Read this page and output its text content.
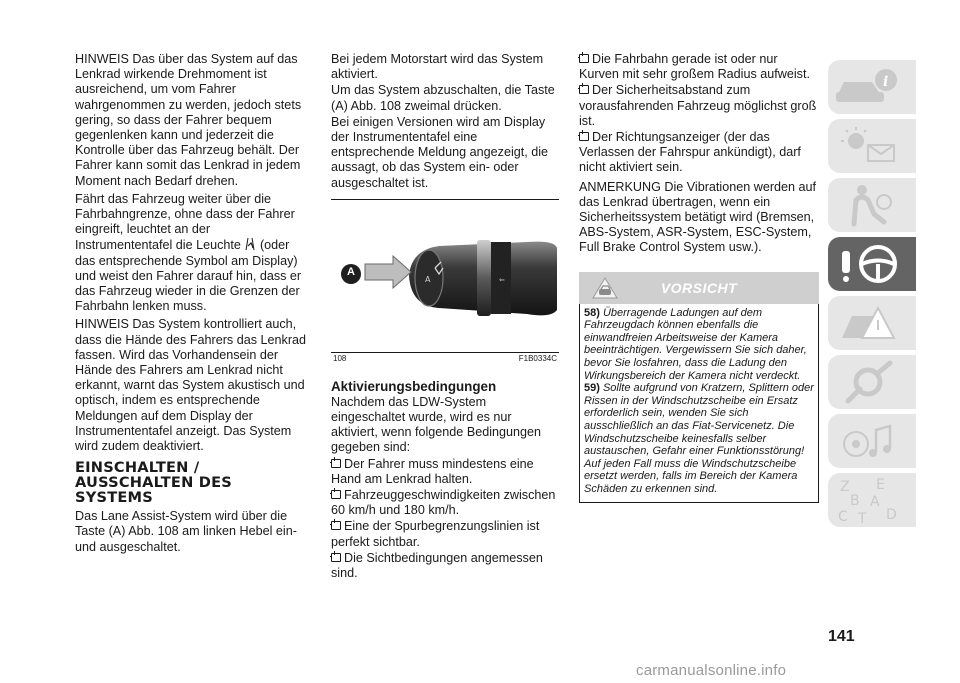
HINWEIS Das über das System auf das Lenkrad wirkende Drehmoment ist ausreichend, um vom Fahrer wahrgenommen zu werden, jedoch stets gering, so dass der Fahrer bequem gegenlenken kann und jederzeit die Kontrolle über das Fahrzeug behält. Der Fahrer kann somit das Lenkrad in jedem Moment nach Bedarf drehen.

Fährt das Fahrzeug weiter über die Fahrbahngrenze, ohne dass der Fahrer eingreift, leuchtet an der Instrumententafel die Leuchte (oder das entsprechende Symbol am Display) und weist den Fahrer darauf hin, dass er das Fahrzeug wieder in die Grenzen der Fahrbahn lenken muss.

HINWEIS Das System kontrolliert auch, dass die Hände des Fahrers das Lenkrad fassen. Wird das Vorhandensein der Hände des Fahrers am Lenkrad nicht erkannt, warnt das System akustisch und optisch, indem es entsprechende Meldungen auf dem Display der Instrumententafel anzeigt. Das System wird zudem deaktiviert.

EINSCHALTEN / AUSSCHALTEN DES SYSTEMS

Das Lane Assist-System wird über die Taste (A) Abb. 108 am linken Hebel ein- und ausgeschaltet.

Bei jedem Motorstart wird das System aktiviert.

Um das System abzuschalten, die Taste (A) Abb. 108 zweimal drücken.

Bei einigen Versionen wird am Display der Instrumententafel eine entsprechende Meldung angezeigt, die aussagt, ob das System ein- oder ausgeschaltet ist.

A	⇐
A
108	F1B0334C
Aktivierungsbedingungen

Nachdem das LDW-System eingeschaltet wurde, wird es nur aktiviert, wenn folgende Bedingungen gegeben sind:

Der Fahrer muss mindestens eine Hand am Lenkrad halten.

Fahrzeuggeschwindigkeiten zwischen 60 km/h und 180 km/h.

Eine der Spurbegrenzungslinien ist perfekt sichtbar.

Die Sichtbedingungen angemessen sind.

Die Fahrbahn gerade ist oder nur Kurven mit sehr großem Radius aufweist.

Der Sicherheitsabstand zum vorausfahrenden Fahrzeug möglichst groß ist.

Der Richtungsanzeiger (der das Verlassen der Fahrspur ankündigt), darf nicht aktiviert sein.

ANMERKUNG Die Vibrationen werden auf das Lenkrad übertragen, wenn ein Sicherheitssystem betätigt wird (Bremsen, ABS-System, ASR-System, ESC-System, Full Brake Control System usw.).

VORSICHT

58) Überragende Ladungen auf dem Fahrzeugdach können ebenfalls die einwandfreien Arbeitsweise der Kamera beeinträchtigen. Vergewissern Sie sich daher, bevor Sie losfahren, dass die Ladung den Wirkungsbereich der Kamera nicht verdeckt.

59) Sollte aufgrund von Kratzern, Splittern oder Rissen in der Windschutzscheibe ein Ersatz erforderlich sein, wenden Sie sich ausschließlich an das Fiat-Servicenetz. Die Windschutzscheibe keinesfalls selber austauschen, Gefahr einer Funktionsstörung! Auf jeden Fall muss die Windschutzscheibe ersetzt werden, falls im Bereich der Kamera Schäden zu erkennen sind.

i
Z E
B A
C	D
T
141
carmanualsonline.info
